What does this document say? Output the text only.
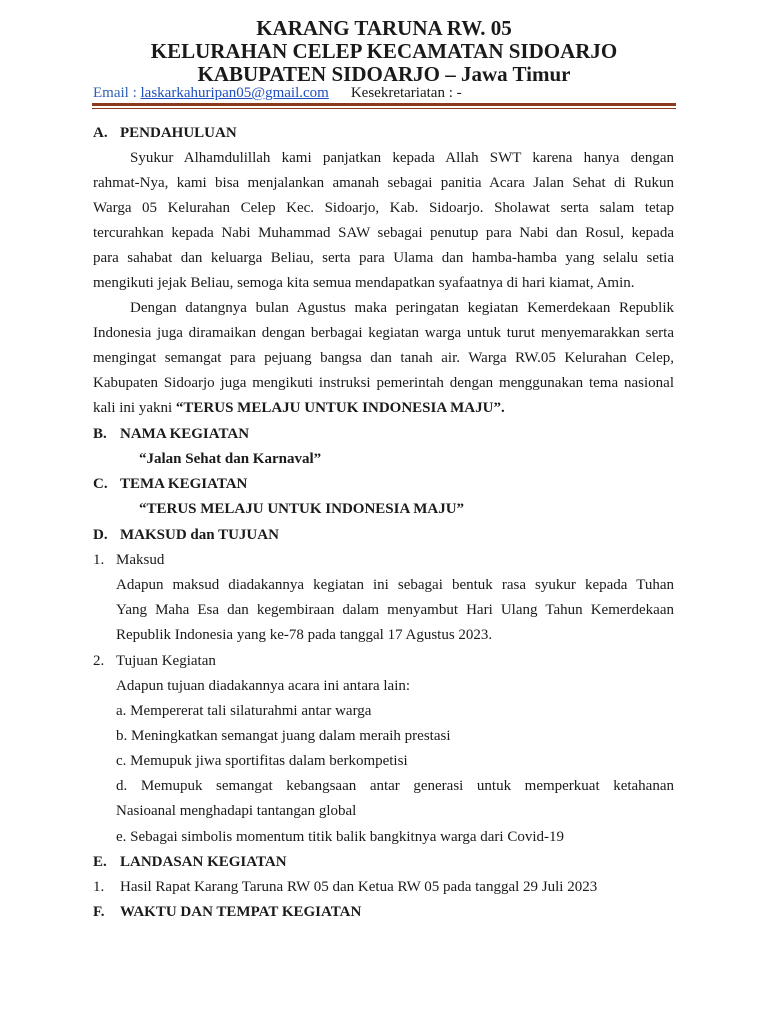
KARANG TARUNA RW. 05
KELURAHAN CELEP KECAMATAN SIDOARJO
KABUPATEN SIDOARJO – Jawa Timur
Email : laskarkahuripan05@gmail.com Kesekretariatan : -
A. PENDAHULUAN
Syukur Alhamdulillah kami panjatkan kepada Allah SWT karena hanya dengan
rahmat-Nya, kami bisa menjalankan amanah sebagai panitia Acara Jalan Sehat di Rukun
Warga 05 Kelurahan Celep Kec. Sidoarjo, Kab. Sidoarjo. Sholawat serta salam tetap
tercurahkan kepada Nabi Muhammad SAW sebagai penutup para Nabi dan Rosul, kepada
para sahabat dan keluarga Beliau, serta para Ulama dan hamba-hamba yang selalu setia
mengikuti jejak Beliau, semoga kita semua mendapatkan syafaatnya di hari kiamat, Amin.
Dengan datangnya bulan Agustus maka peringatan kegiatan Kemerdekaan Republik
Indonesia juga diramaikan dengan berbagai kegiatan warga untuk turut menyemarakkan serta
mengingat semangat para pejuang bangsa dan tanah air. Warga RW.05 Kelurahan Celep,
Kabupaten Sidoarjo juga mengikuti instruksi pemerintah dengan menggunakan tema nasional
kali ini yakni “TERUS MELAJU UNTUK INDONESIA MAJU”.
B. NAMA KEGIATAN
“Jalan Sehat dan Karnaval”
C. TEMA KEGIATAN
“TERUS MELAJU UNTUK INDONESIA MAJU”
D. MAKSUD dan TUJUAN
1. Maksud
Adapun maksud diadakannya kegiatan ini sebagai bentuk rasa syukur kepada Tuhan
Yang Maha Esa dan kegembiraan dalam menyambut Hari Ulang Tahun Kemerdekaan
Republik Indonesia yang ke-78 pada tanggal 17 Agustus 2023.
2. Tujuan Kegiatan
Adapun tujuan diadakannya acara ini antara lain:
a. Mempererat tali silaturahmi antar warga
b. Meningkatkan semangat juang dalam meraih prestasi
c. Memupuk jiwa sportifitas dalam berkompetisi
d. Memupuk semangat kebangsaan antar generasi untuk memperkuat ketahanan
Nasioanal menghadapi tantangan global
e. Sebagai simbolis momentum titik balik bangkitnya warga dari Covid-19
E. LANDASAN KEGIATAN
1. Hasil Rapat Karang Taruna RW 05 dan Ketua RW 05 pada tanggal 29 Juli 2023
F. WAKTU DAN TEMPAT KEGIATAN
